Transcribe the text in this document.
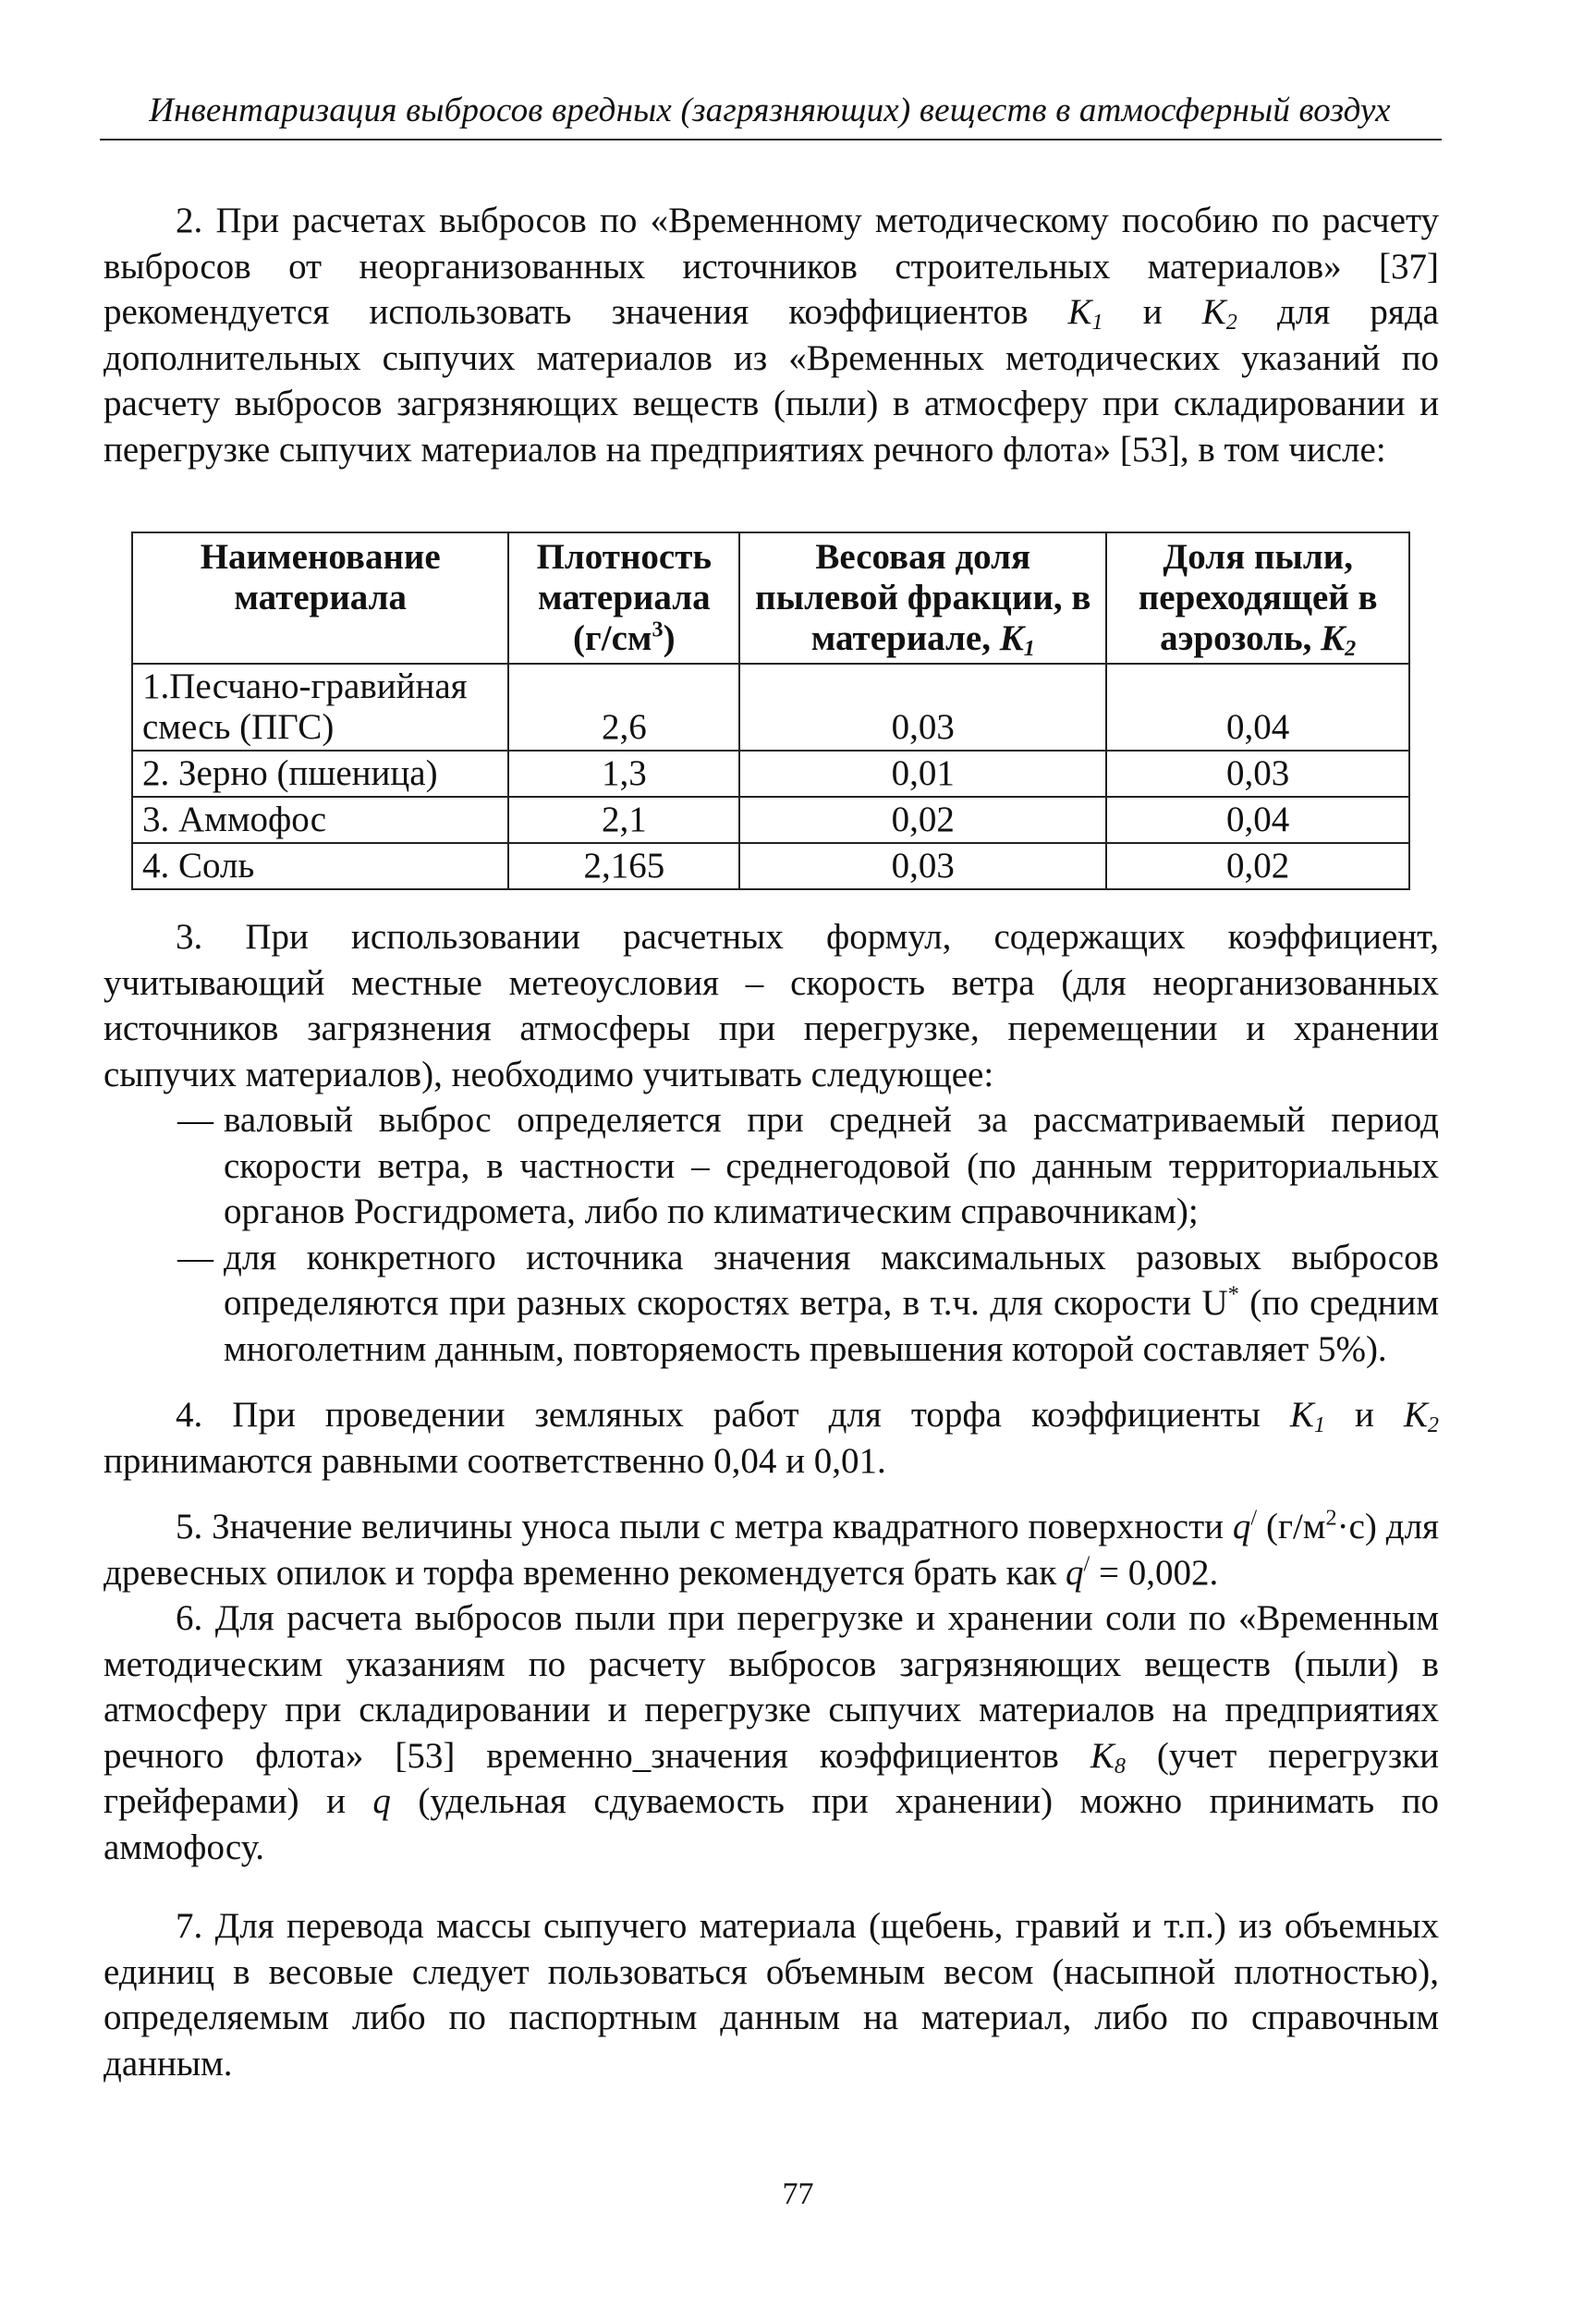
Инвентаризация выбросов вредных (загрязняющих) веществ в атмосферный воздух

2. При расчетах выбросов по «Временному методическому пособию по расчету выбросов от неорганизованных источников строительных материалов» [37] рекомендуется использовать значения коэффициентов $K_1$ и $K_2$ для ряда дополнительных сыпучих материалов из «Временных методических указаний по расчету выбросов загрязняющих веществ (пыли) в атмосферу при складировании и перегрузке сыпучих материалов на предприятиях речного флота» [53], в том числе:

Наименование материала	Плотность материала $(г/см^3)$	Весовая доля пылевой фракции, в материале, $K_1$	Доля пыли, переходящей в аэрозоль, $K_2$
1.Песчано-гравийная смесь (ПГС)	2,6	0,03	0,04
2. Зерно (пшеница)	1,3	0,01	0,03
3. Аммофос	2,1	0,02	0,04
4. Соль	2,165	0,03	0,02

3. При использовании расчетных формул, содержащих коэффициент, учитывающий местные метеоусловия – скорость ветра (для неорганизованных источников загрязнения атмосферы при перегрузке, перемещении и хранении сыпучих материалов), необходимо учитывать следующее:

— валовый выброс определяется при средней за рассматриваемый период скорости ветра, в частности – среднегодовой (по данным территориальных органов Росгидромета, либо по климатическим справочникам);
— для конкретного источника значения максимальных разовых выбросов определяются при разных скоростях ветра, в т.ч. для скорости U* (по средним многолетним данным, повторяемость превышения которой составляет 5%).

4. При проведении земляных работ для торфа коэффициенты $K_1$ и $K_2$ принимаются равными соответственно 0,04 и 0,01.

5. Значение величины уноса пыли с метра квадратного поверхности q/ $(г/м^2\cdot с)$ для древесных опилок и торфа временно рекомендуется брать как q/ = 0,002.

6. Для расчета выбросов пыли при перегрузке и хранении соли по «Временным методическим указаниям по расчету выбросов загрязняющих веществ (пыли) в атмосферу при складировании и перегрузке сыпучих материалов на предприятиях речного флота» [53] временно_значения коэффициентов $K_8$ (учет перегрузки грейферами) и q (удельная сдуваемость при хранении) можно принимать по аммофосу.

7. Для перевода массы сыпучего материала (щебень, гравий и т.п.) из объемных единиц в весовые следует пользоваться объемным весом (насыпной плотностью), определяемым либо по паспортным данным на материал, либо по справочным данным.

77
